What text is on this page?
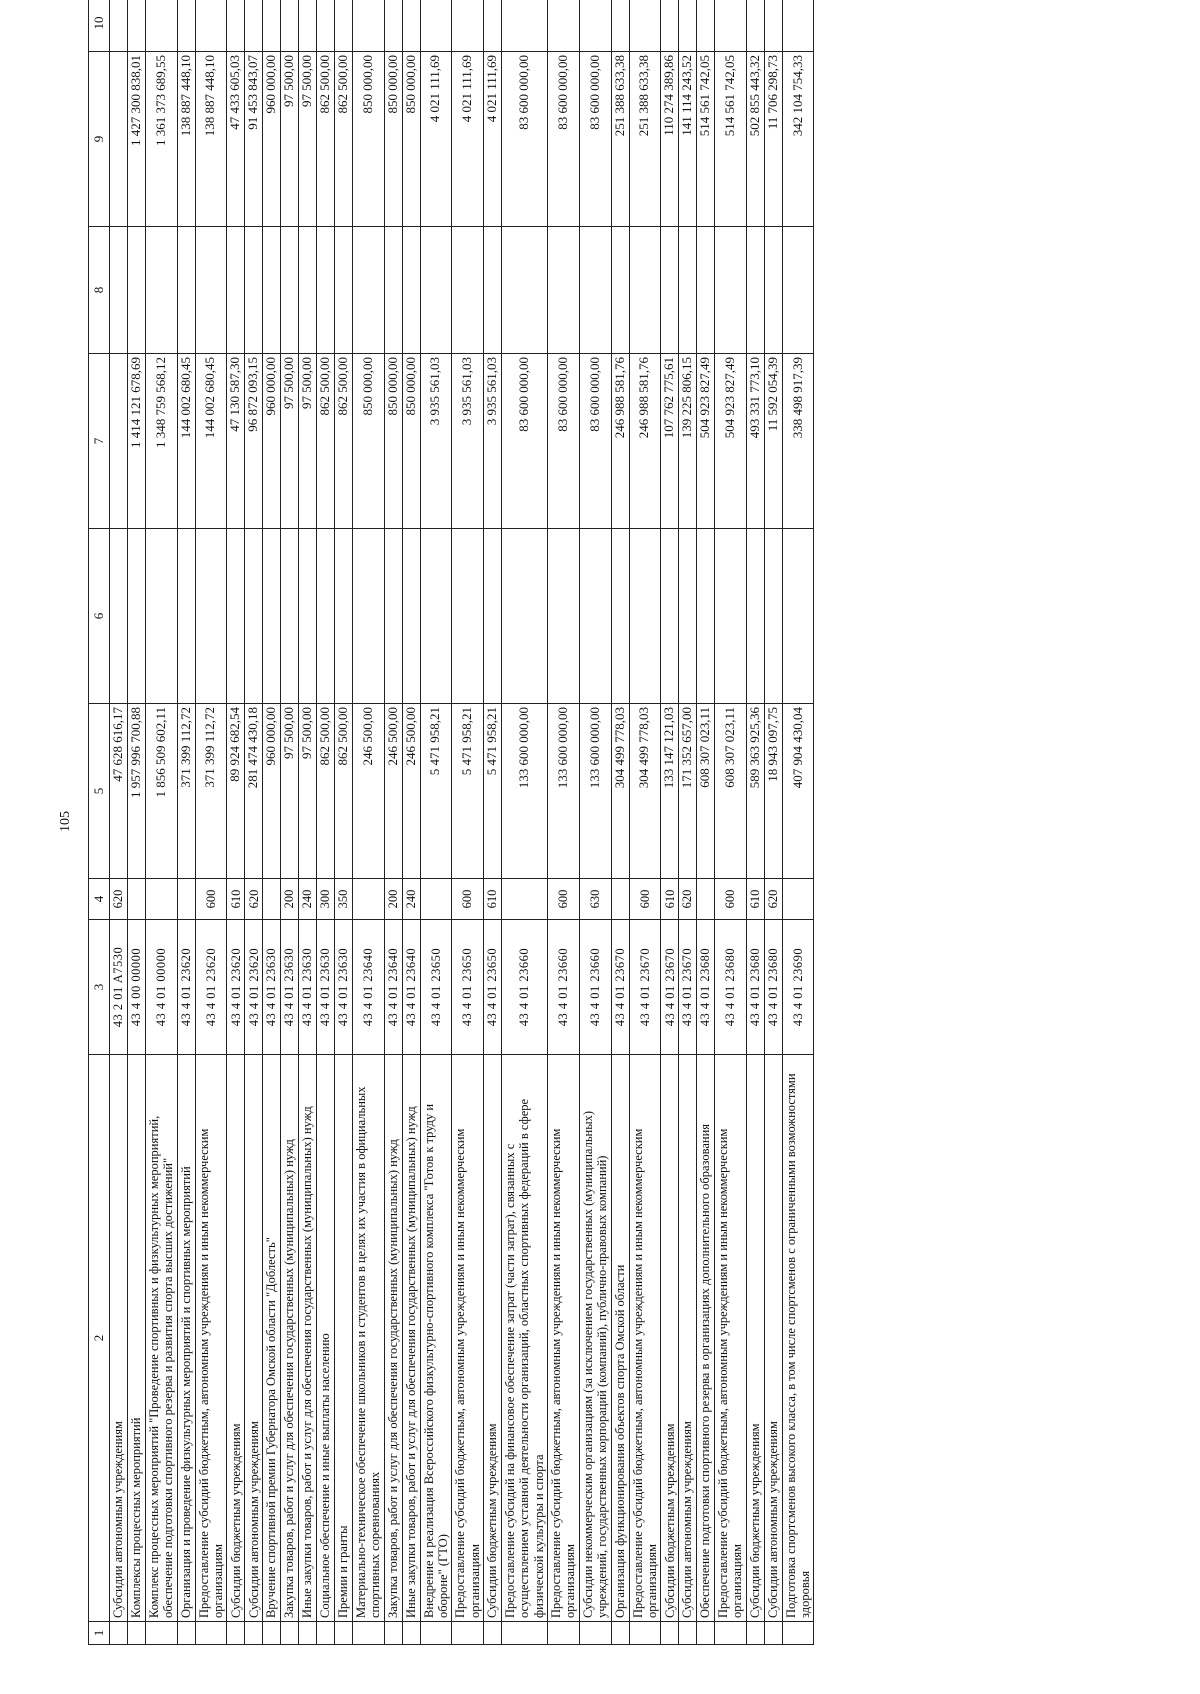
105
1	2	3	4	5	6	7	8	9	10
	Субсидии автономным учреждениям	43 2 01 A7530	620	47 628 616,17					
	Комплексы процессных мероприятий	43 4 00 00000		1 957 996 700,88		1 414 121 678,69		1 427 300 838,01	
	Комплекс процессных мероприятий "Проведение спортивных и физкультурных мероприятий, обеспечение подготовки спортивного резерва и развития спорта высших достижений"	43 4 01 00000		1 856 509 602,11		1 348 759 568,12		1 361 373 689,55	
	Организация и проведение физкультурных мероприятий и спортивных мероприятий	43 4 01 23620		371 399 112,72		144 002 680,45		138 887 448,10	
	Предоставление субсидий бюджетным, автономным учреждениям и иным некоммерческим организациям	43 4 01 23620	600	371 399 112,72		144 002 680,45		138 887 448,10	
	Субсидии бюджетным учреждениям	43 4 01 23620	610	89 924 682,54		47 130 587,30		47 433 605,03	
	Субсидии автономным учреждениям	43 4 01 23620	620	281 474 430,18		96 872 093,15		91 453 843,07	
	Вручение спортивной премии Губернатора Омской области "Доблесть"	43 4 01 23630		960 000,00		960 000,00		960 000,00	
	Закупка товаров, работ и услуг для обеспечения государственных (муниципальных) нужд	43 4 01 23630	200	97 500,00		97 500,00		97 500,00	
	Иные закупки товаров, работ и услуг для обеспечения государственных (муниципальных) нужд	43 4 01 23630	240	97 500,00		97 500,00		97 500,00	
	Социальное обеспечение и иные выплаты населению	43 4 01 23630	300	862 500,00		862 500,00		862 500,00	
	Премии и гранты	43 4 01 23630	350	862 500,00		862 500,00		862 500,00	
	Материально-техническое обеспечение школьников и студентов в целях их участия в официальных спортивных соревнованиях	43 4 01 23640		246 500,00		850 000,00		850 000,00	
	Закупка товаров, работ и услуг для обеспечения государственных (муниципальных) нужд	43 4 01 23640	200	246 500,00		850 000,00		850 000,00	
	Иные закупки товаров, работ и услуг для обеспечения государственных (муниципальных) нужд	43 4 01 23640	240	246 500,00		850 000,00		850 000,00	
	Внедрение и реализация Всероссийского физкультурно-спортивного комплекса "Готов к труду и обороне" (ГТО)	43 4 01 23650		5 471 958,21		3 935 561,03		4 021 111,69	
	Предоставление субсидий бюджетным, автономным учреждениям и иным некоммерческим организациям	43 4 01 23650	600	5 471 958,21		3 935 561,03		4 021 111,69	
	Субсидии бюджетным учреждениям	43 4 01 23650	610	5 471 958,21		3 935 561,03		4 021 111,69	
	Предоставление субсидий на финансовое обеспечение затрат (части затрат), связанных с осуществлением уставной деятельности организаций, областных спортивных федераций в сфере физической культуры и спорта	43 4 01 23660		133 600 000,00		83 600 000,00		83 600 000,00	
	Предоставление субсидий бюджетным, автономным учреждениям и иным некоммерческим организациям	43 4 01 23660	600	133 600 000,00		83 600 000,00		83 600 000,00	
	Субсидии некоммерческим организациям (за исключением государственных (муниципальных) учреждений, государственных корпораций (компаний), публично-правовых компаний)	43 4 01 23660	630	133 600 000,00		83 600 000,00		83 600 000,00	
	Организация функционирования объектов спорта Омской области	43 4 01 23670		304 499 778,03		246 988 581,76		251 388 633,38	
	Предоставление субсидий бюджетным, автономным учреждениям и иным некоммерческим организациям	43 4 01 23670	600	304 499 778,03		246 988 581,76		251 388 633,38	
	Субсидии бюджетным учреждениям	43 4 01 23670	610	133 147 121,03		107 762 775,61		110 274 389,86	
	Субсидии автономным учреждениям	43 4 01 23670	620	171 352 657,00		139 225 806,15		141 114 243,52	
	Обеспечение подготовки спортивного резерва в организациях дополнительного образования	43 4 01 23680		608 307 023,11		504 923 827,49		514 561 742,05	
	Предоставление субсидий бюджетным, автономным учреждениям и иным некоммерческим организациям	43 4 01 23680	600	608 307 023,11		504 923 827,49		514 561 742,05	
	Субсидии бюджетным учреждениям	43 4 01 23680	610	589 363 925,36		493 331 773,10		502 855 443,32	
	Субсидии автономным учреждениям	43 4 01 23680	620	18 943 097,75		11 592 054,39		11 706 298,73	
	Подготовка спортсменов высокого класса, в том числе спортсменов с ограниченными возможностями здоровья	43 4 01 23690		407 904 430,04		338 498 917,39		342 104 754,33	
